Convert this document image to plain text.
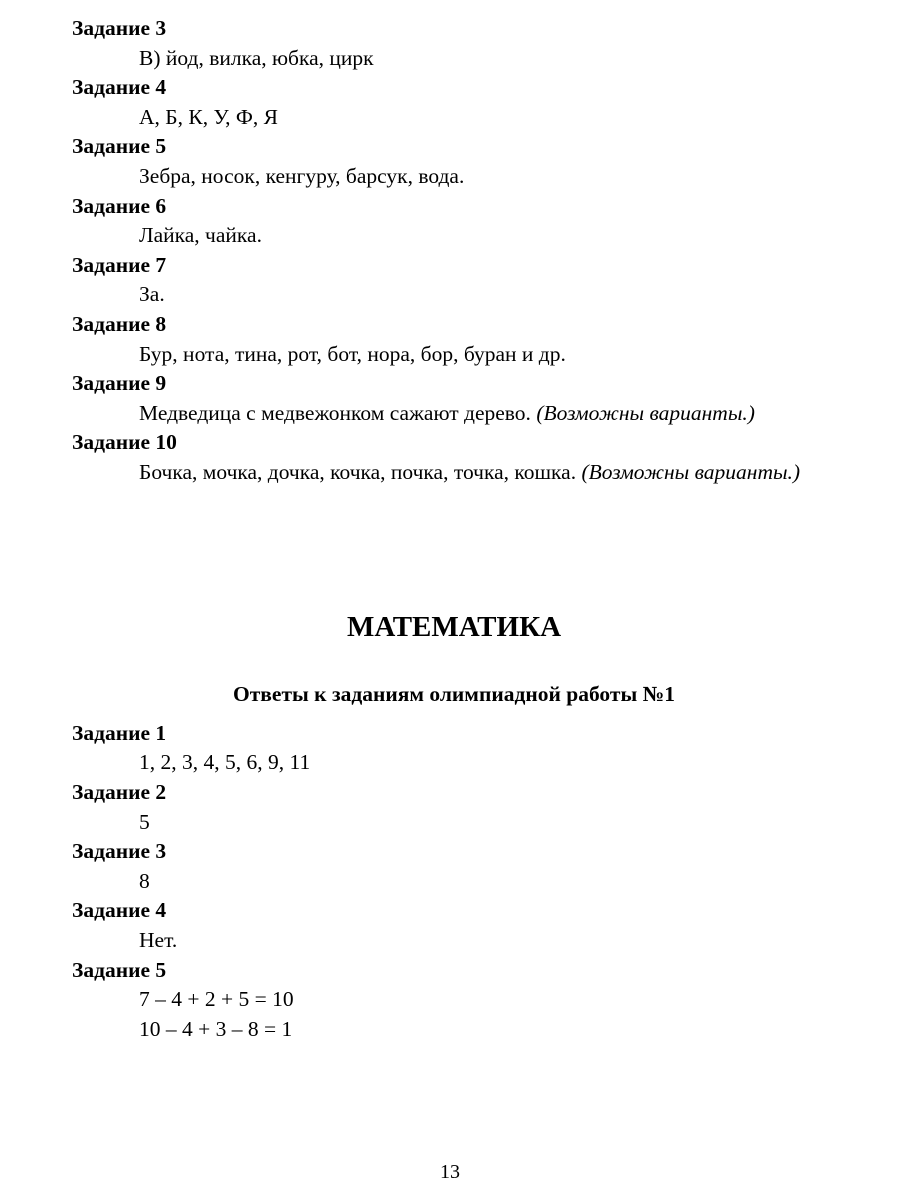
Задание 3

В) йод, вилка, юбка, цирк

Задание 4

А, Б, К, У, Ф, Я

Задание 5

Зебра, носок, кенгуру, барсук, вода.

Задание 6

Лайка, чайка.

Задание 7

За.

Задание 8

Бур, нота, тина, рот, бот, нора, бор, буран и др.

Задание 9

Медведица с медвежонком сажают дерево. (Возможны варианты.)

Задание 10

Бочка, мочка, дочка, кочка, почка, точка, кошка. (Возможны варианты.)

МАТЕМАТИКА
Ответы к заданиям олимпиадной работы №1

Задание 1

1, 2, 3, 4, 5, 6, 9, 11

Задание 2

5

Задание 3

8

Задание 4

Нет.

Задание 5

7 – 4 + 2 + 5 = 10

10 – 4 + 3 – 8 = 1

13
